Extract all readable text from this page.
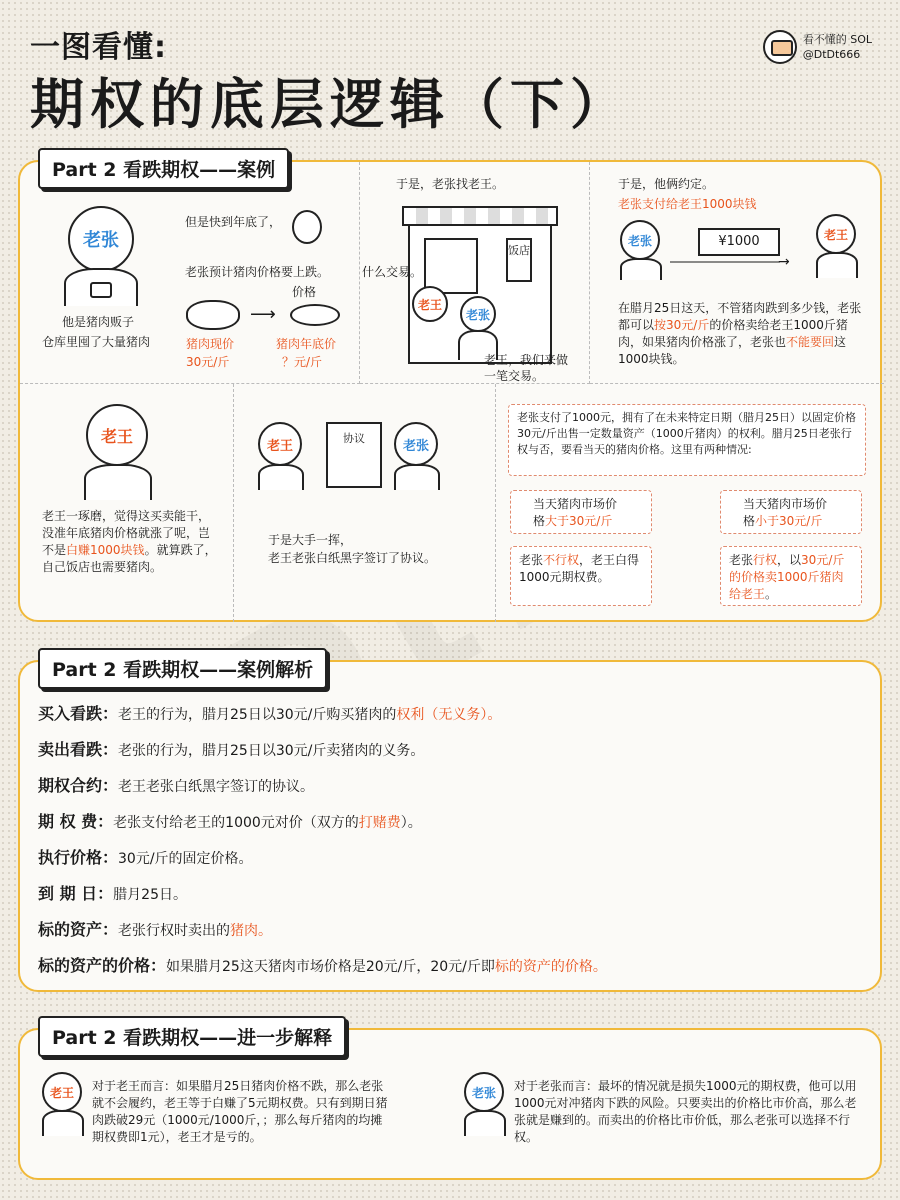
一图看懂:
期权的底层逻辑（下）
看不懂的 SOL
@DtDt666
Part 2 看跌期权——案例
老张
他是猪肉贩子
仓库里囤了大量猪肉
但是快到年底了，
老张预计猪肉价格要上跌。
⟶
价格
猪肉现价
30元/斤
猪肉年底价
？元/斤
于是，老张找老王。
饭店
什么交易。
老王
老张
老王，我们来做
一笔交易。
于是，他俩约定。
老张支付给老王1000块钱
老张	¥1000
―――――――――→
老王
在腊月25日这天，不管猪肉跌到多少钱，老张都可以按30元/斤的价格卖给老王1000斤猪肉，如果猪肉价格涨了，老张也不能要回这1000块钱。
老王
老王一琢磨，觉得这买卖能干，没准年底猪肉价格就涨了呢，岂不是白赚1000块钱。就算跌了，自己饭店也需要猪肉。
老王	协议	老张
于是大手一挥，
老王老张白纸黑字签订了协议。
老张支付了1000元，拥有了在未来特定日期（腊月25日）以固定价格30元/斤出售一定数量资产（1000斤猪肉）的权利。腊月25日老张行权与否，要看当天的猪肉价格。这里有两种情况:
当天猪肉市场价
格大于30元/斤
当天猪肉市场价
格小于30元/斤
老张不行权，老王白得1000元期权费。
老张行权，以30元/斤的价格卖1000斤猪肉给老王。
Part 2 看跌期权——案例解析
买入看跌：老王的行为，腊月25日以30元/斤购买猪肉的权利（无义务）。
卖出看跌：老张的行为，腊月25日以30元/斤卖猪肉的义务。
期权合约：老王老张白纸黑字签订的协议。
期 权 费：老张支付给老王的1000元对价（双方的打赌费）。
执行价格：30元/斤的固定价格。
到 期 日：腊月25日。
标的资产：老张行权时卖出的猪肉。
标的资产的价格：如果腊月25这天猪肉市场价格是20元/斤，20元/斤即标的资产的价格。
Part 2 看跌期权——进一步解释
老王	对于老王而言：如果腊月25日猪肉价格不跌，那么老张就不会履约，老王等于白赚了5元期权费。只有到期日猪肉跌破29元（1000元/1000斤，；那么每斤猪肉的均摊期权费即1元），老王才是亏的。
老张	对于老张而言：最坏的情况就是损失1000元的期权费，他可以用1000元对冲猪肉下跌的风险。只要卖出的价格比市价高，那么老张就是赚到的。而卖出的价格比市价低，那么老张可以选择不行权。
